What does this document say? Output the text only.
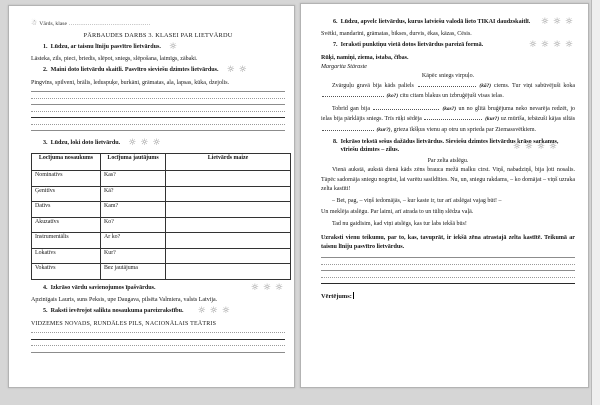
☃
Vārds, klase ...........................................
PĀRBAUDES DARBS 3. KLASEI PAR LIETVĀRDU
1. Lūdzu, ar taisnu līniju pasvītro lietvārdus.
☼
Lāsteka, zils, pieci, briedis, slēpot, sniegs, slēpošana, laimīgs, zābaki.
2. Maini doto lietvārdu skaitli. Pasvītro sieviešu dzimtes lietvārdus.
☼
☼
Pingvīns, spilveni, brālis, leduspuķe, burkāni, grāmatas, ala, lapsas, kūka, dzejolis.
3. Lūdzu, loki doto lietvārdu.
☼
☼
☼
Locījuma nosaukums	Locījuma jautājums	Lietvārds maize
Nominatīvs	Kas?	
Ģenitīvs	Kā?	
Datīvs	Kam?	
Akuzatīvs	Ko?	
Instrumentālis	Ar ko?	
Lokatīvs	Kur?	
Vokatīvs	Bez jautājuma	
4. Izkrāso vārdu savienojumos īpašvārdus.
☼
☼
☼
Apzinīgais Lauris, suns Peksis, upe Daugava, pilsēta Valmiera, valsts Latvija.
5. Raksti ievērojot salikta nosaukuma pareizrakstību.
☼
☼
☼
VIDZEMES NOVADS, RUNDĀLES PILS, NACIONĀLAIS TEĀTRIS
6. Lūdzu, apvelc lietvārdus, kurus latviešu valodā lieto TIKAI daudzskaitlī.
☼
☼
☼
Svētki, mandarīni, grāmatas, bikses, durvis, ēkas, kāzas, Cēsis.
7. Ieraksti punktiņu vietā dotos lietvārdus pareizā formā.
☼
☼
☼
☼
Rūķi, namiņi, ziema, istaba, čības.
Margarita Stāraste
Kāpēc sniegs virpuļo.

Zvārguļu gravā bija kāds paliels	(kā?) ciems. Tur viņi sabūvējuši koka  (ko?) citu citam blakus un izbruģējuši visas ielas.

Tobrīd gan bija	(kas?) un no glītā bruģējuma neko nevarēja redzēt, jo ielas bija pārklājis sniegs. Trīs rūķi sēdēja	(kur?) uz mūrīša, iebāzuši kājas siltās  (kur?), grieza īkšķus vienu ap otru un sprieda par Ziemassvētkiem.

8. Iekrāso tekstā sešus dažādus lietvārdus. Sieviešu dzimtes lietvārdus krāso sarkanus, vīriešu dzimtes – zilus.
☼
☼
☼
☼
Par zelta atslēgu.

Vienā aukstā, aukstā dienā kāds zēns brauca mežā malku cirst. Viņš, nabadziņš, bija ļoti nosalis. Tāpēc sadomāja sniegu nogrūst, lai varētu sasildīties. Nu, un, sniegu rakdams, – ko domājat – viņš uzraka zelta kastīti!

– Bet, pag, – viņš iedomājās, – kur kaste ir, tur arī atslēgai vajag būt! –

Un meklēja atslēgu. Par laimi, arī atrada to un tūliņ slēdza vaļā.

Tad nu gaidīsim, kad viņi atslēgs, kas tur labs iekšā būs!

Uzraksti vienu teikumu, par to, kas, tavuprāt, ir iekšā zēna atrastajā zelta kastītē. Teikumā ar taisnu līniju pasvītro lietvārdus.
Vērtējums:
